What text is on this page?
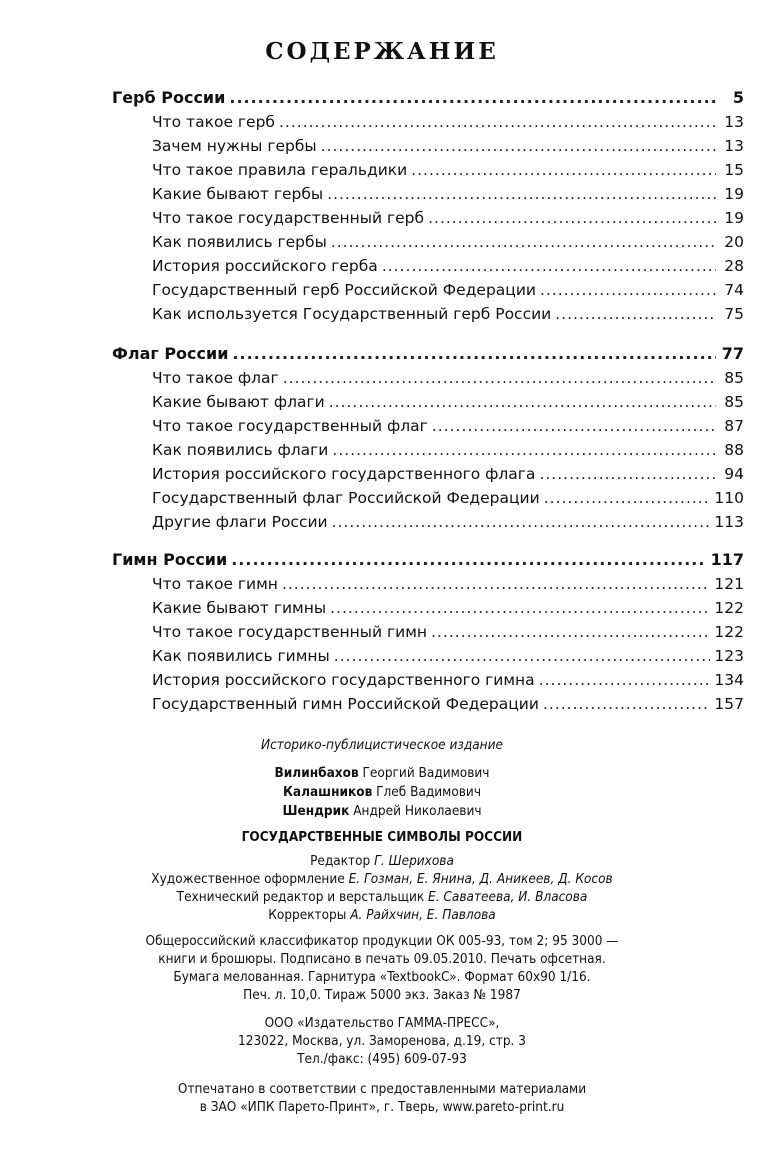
СОДЕРЖАНИЕ
Герб России .....	5
Что такое герб .....	13
Зачем нужны гербы .....	13
Что такое правила геральдики .....	15
Какие бывают гербы .....	19
Что такое государственный герб .....	19
Как появились гербы .....	20
История российского герба .....	28
Государственный герб Российской Федерации .....	74
Как используется Государственный герб России .....	75
Флаг России .....	77
Что такое флаг .....	85
Какие бывают флаги .....	85
Что такое государственный флаг .....	87
Как появились флаги .....	88
История российского государственного флага .....	94
Государственный флаг Российской Федерации .....	110
Другие флаги России .....	113
Гимн России .....	117
Что такое гимн .....	121
Какие бывают гимны .....	122
Что такое государственный гимн .....	122
Как появились гимны .....	123
История российского государственного гимна .....	134
Государственный гимн Российской Федерации .....	157
Историко-публицистическое издание
Вилинбахов Георгий Вадимович
Калашников Глеб Вадимович
Шендрик Андрей Николаевич
ГОСУДАРСТВЕННЫЕ СИМВОЛЫ РОССИИ
Редактор Г. Шерихова
Художественное оформление Е. Гозман, Е. Янина, Д. Аникеев, Д. Косов
Технический редактор и верстальщик Е. Саватеева, И. Власова
Корректоры А. Райхчин, Е. Павлова
Общероссийский классификатор продукции ОК 005-93, том 2; 95 3000 —
книги и брошюры. Подписано в печать 09.05.2010. Печать офсетная.
Бумага мелованная. Гарнитура «TextbookC». Формат 60х90 1/16.
Печ. л. 10,0. Тираж 5000 экз. Заказ № 1987
ООО «Издательство ГАММА-ПРЕСС»,
123022, Москва, ул. Заморенова, д.19, стр. 3
Тел./факс: (495) 609-07-93
Отпечатано в соответствии с предоставленными материалами
в ЗАО «ИПК Парето-Принт», г. Тверь, www.pareto-print.ru
